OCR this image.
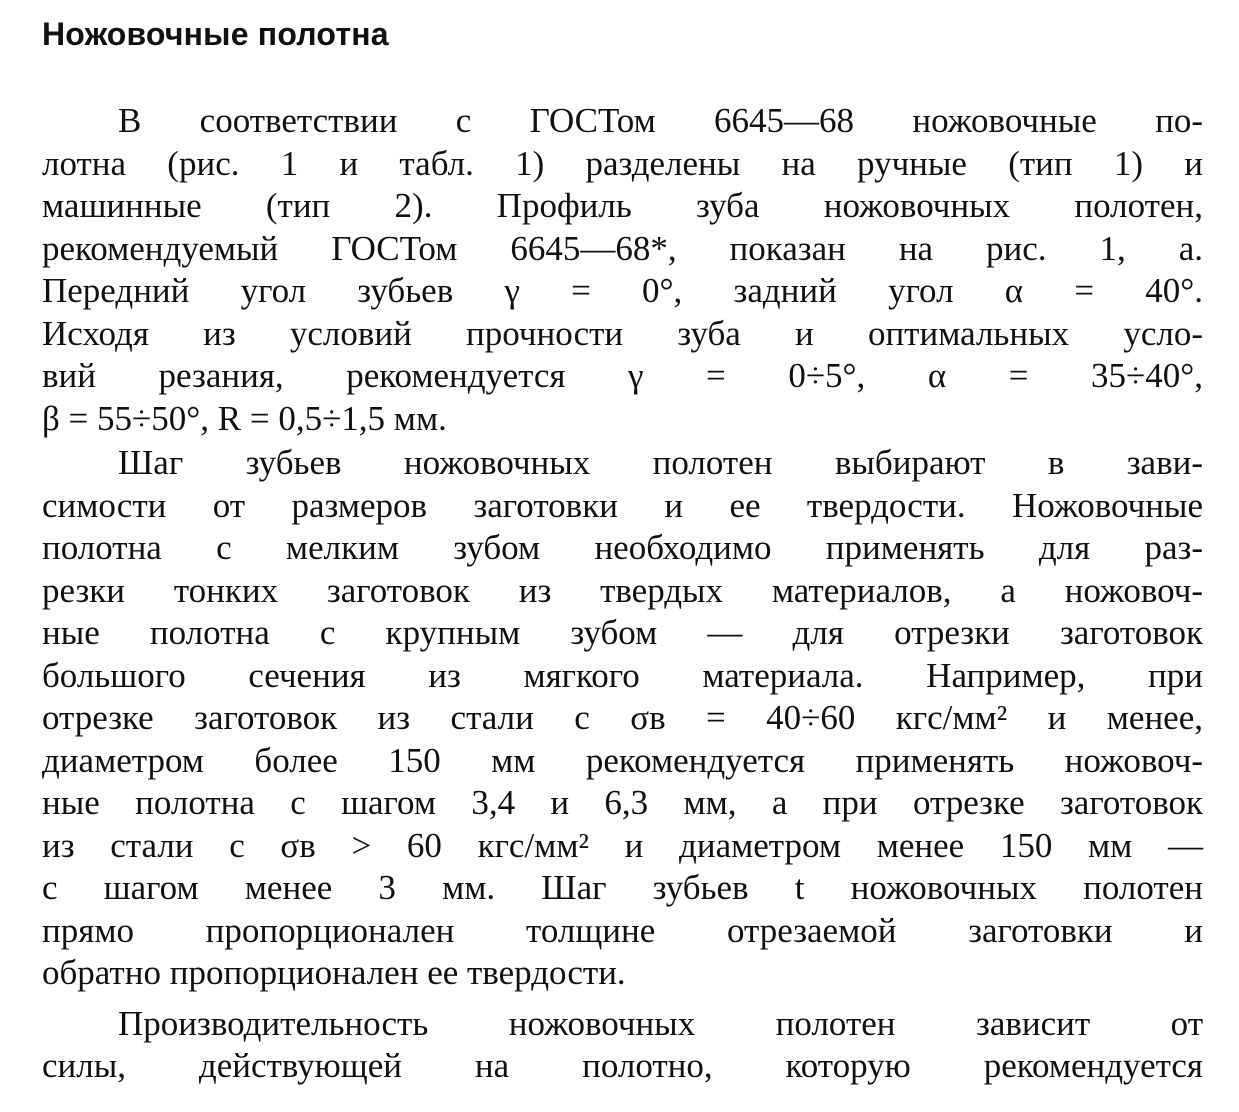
Ножовочные полотна
В соответствии с ГОСТом 6645—68 ножовочные по-
лотна (рис. 1 и табл. 1) разделены на ручные (тип 1) и
машинные (тип 2). Профиль зуба ножовочных полотен,
рекомендуемый ГОСТом 6645—68*, показан на рис. 1, а.
Передний угол зубьев γ = 0°, задний угол α = 40°.
Исходя из условий прочности зуба и оптимальных усло-
вий резания, рекомендуется γ = 0÷5°, α = 35÷40°,
β = 55÷50°, R = 0,5÷1,5 мм.
Шаг зубьев ножовочных полотен выбирают в зави-
симости от размеров заготовки и ее твердости. Ножовочные
полотна с мелким зубом необходимо применять для раз-
резки тонких заготовок из твердых материалов, а ножовоч-
ные полотна с крупным зубом — для отрезки заготовок
большого сечения из мягкого материала. Например, при
отрезке заготовок из стали с σв = 40÷60 кгс/мм² и менее,
диаметром более 150 мм рекомендуется применять ножовоч-
ные полотна с шагом 3,4 и 6,3 мм, а при отрезке заготовок
из стали с σв > 60 кгс/мм² и диаметром менее 150 мм —
с шагом менее 3 мм. Шаг зубьев t ножовочных полотен
прямо пропорционален толщине отрезаемой заготовки и
обратно пропорционален ее твердости.
Производительность ножовочных полотен зависит от
силы, действующей на полотно, которую рекомендуется
